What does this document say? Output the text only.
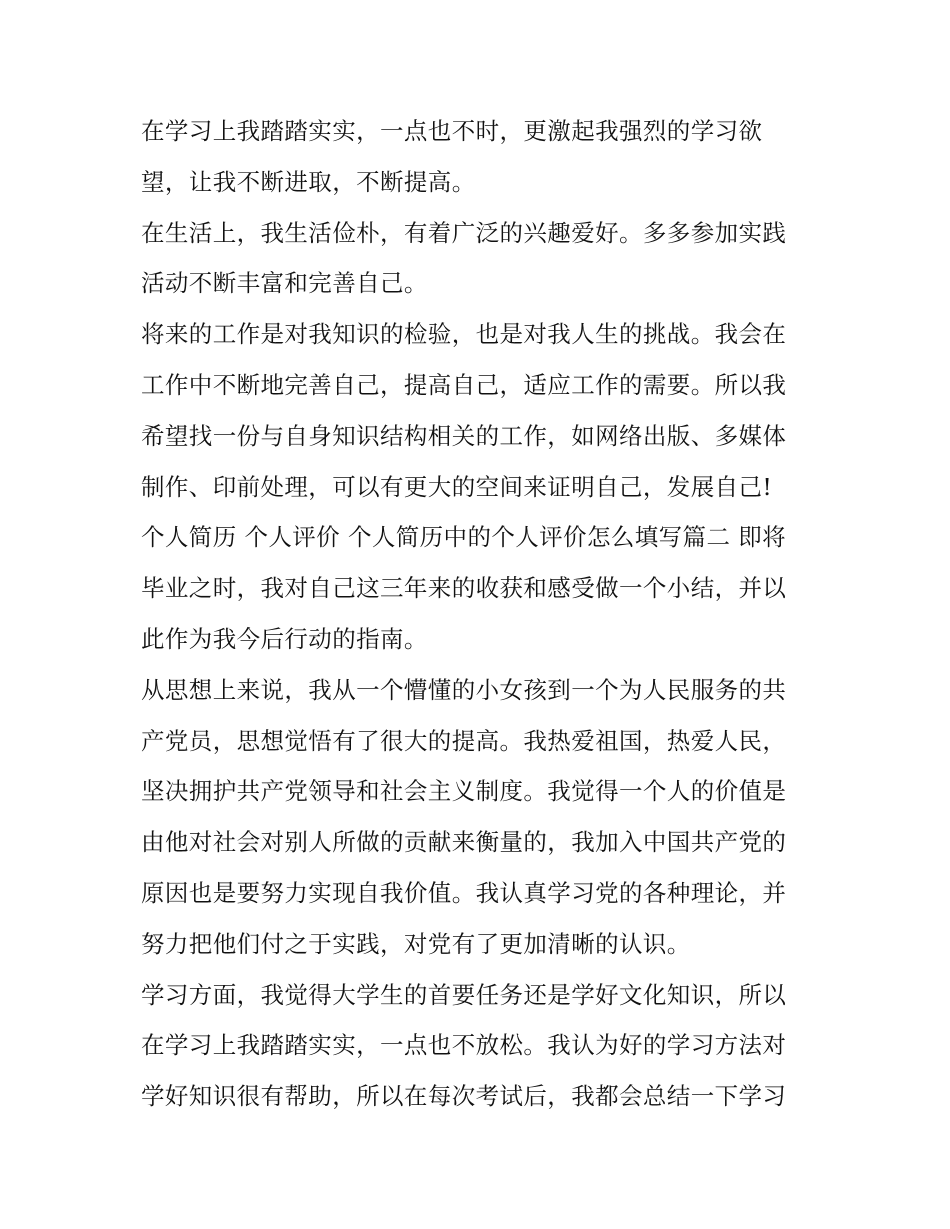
在学习上我踏踏实实，一点也不时，更激起我强烈的学习欲
望，让我不断进取，不断提高。
在生活上，我生活俭朴，有着广泛的兴趣爱好。多多参加实践
活动不断丰富和完善自己。
将来的工作是对我知识的检验，也是对我人生的挑战。我会在
工作中不断地完善自己，提高自己，适应工作的需要。所以我
希望找一份与自身知识结构相关的工作，如网络出版、多媒体
制作、印前处理，可以有更大的空间来证明自己，发展自己!
个人简历 个人评价 个人简历中的个人评价怎么填写篇二 即将
毕业之时，我对自己这三年来的收获和感受做一个小结，并以
此作为我今后行动的指南。
从思想上来说，我从一个懵懂的小女孩到一个为人民服务的共
产党员，思想觉悟有了很大的提高。我热爱祖国，热爱人民，
坚决拥护共产党领导和社会主义制度。我觉得一个人的价值是
由他对社会对别人所做的贡献来衡量的，我加入中国共产党的
原因也是要努力实现自我价值。我认真学习党的各种理论，并
努力把他们付之于实践，对党有了更加清晰的认识。
学习方面，我觉得大学生的首要任务还是学好文化知识，所以
在学习上我踏踏实实，一点也不放松。我认为好的学习方法对
学好知识很有帮助，所以在每次考试后，我都会总结一下学习
